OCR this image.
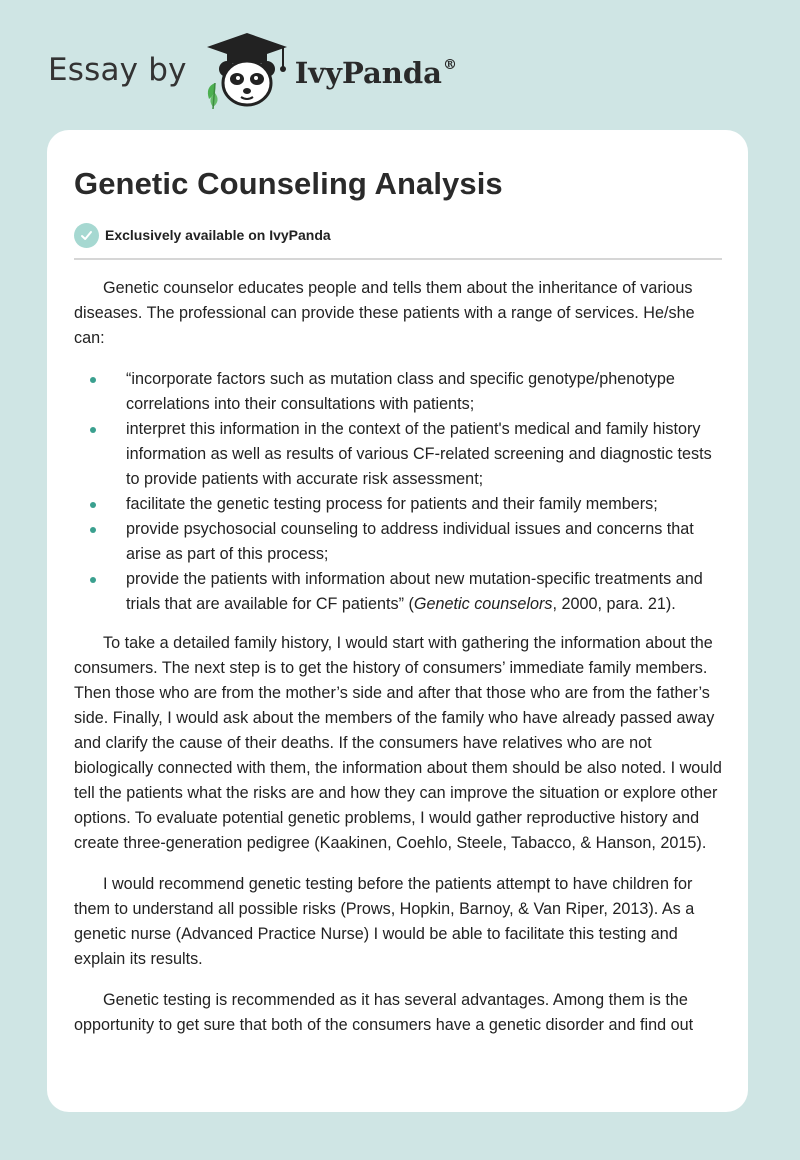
Essay by	IvyPanda®
Genetic Counseling Analysis
Exclusively available on IvyPanda

Genetic counselor educates people and tells them about the inheritance of various diseases. The professional can provide these patients with a range of services. He/she can:

“incorporate factors such as mutation class and specific genotype/phenotype correlations into their consultations with patients;
interpret this information in the context of the patient's medical and family history information as well as results of various CF-related screening and diagnostic tests to provide patients with accurate risk assessment;
facilitate the genetic testing process for patients and their family members;
provide psychosocial counseling to address individual issues and concerns that arise as part of this process;
provide the patients with information about new mutation-specific treatments and trials that are available for CF patients” (Genetic counselors, 2000, para. 21).

To take a detailed family history, I would start with gathering the information about the consumers. The next step is to get the history of consumers’ immediate family members. Then those who are from the mother’s side and after that those who are from the father’s side. Finally, I would ask about the members of the family who have already passed away and clarify the cause of their deaths. If the consumers have relatives who are not biologically connected with them, the information about them should be also noted. I would tell the patients what the risks are and how they can improve the situation or explore other options. To evaluate potential genetic problems, I would gather reproductive history and create three-generation pedigree (Kaakinen, Coehlo, Steele, Tabacco, & Hanson, 2015).

I would recommend genetic testing before the patients attempt to have children for them to understand all possible risks (Prows, Hopkin, Barnoy, & Van Riper, 2013). As a genetic nurse (Advanced Practice Nurse) I would be able to facilitate this testing and explain its results.

Genetic testing is recommended as it has several advantages. Among them is the opportunity to get sure that both of the consumers have a genetic disorder and find out
